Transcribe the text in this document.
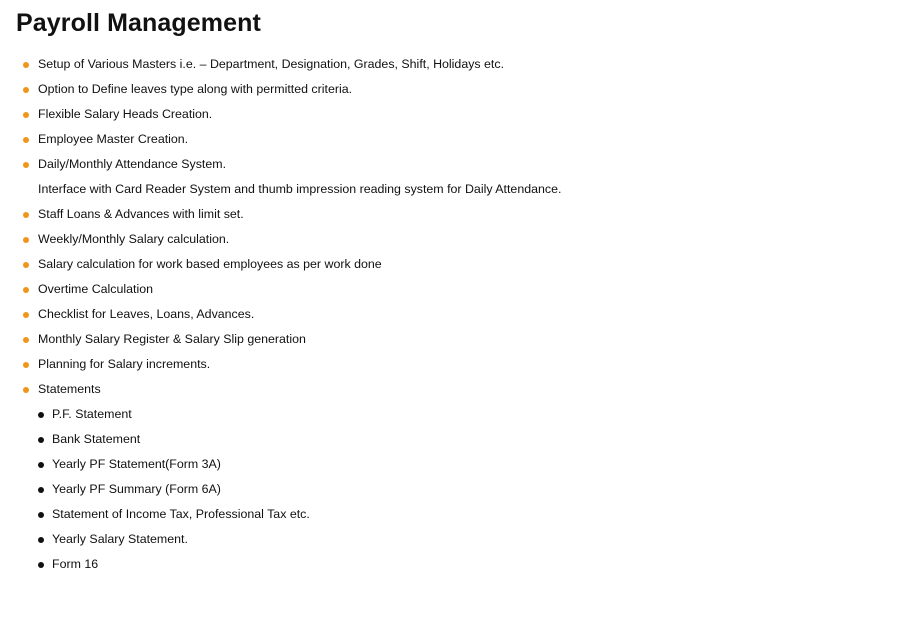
Payroll Management
Setup of Various Masters i.e. – Department, Designation, Grades, Shift, Holidays etc.
Option to Define leaves type along with permitted criteria.
Flexible Salary Heads Creation.
Employee Master Creation.
Daily/Monthly Attendance System.
Interface with Card Reader System and thumb impression reading system for Daily Attendance.
Staff Loans & Advances with limit set.
Weekly/Monthly Salary calculation.
Salary calculation for work based employees as per work done
Overtime Calculation
Checklist for Leaves, Loans, Advances.
Monthly Salary Register & Salary Slip generation
Planning for Salary increments.
Statements
P.F. Statement
Bank Statement
Yearly PF Statement(Form 3A)
Yearly PF Summary (Form 6A)
Statement of Income Tax, Professional Tax etc.
Yearly Salary Statement.
Form 16
